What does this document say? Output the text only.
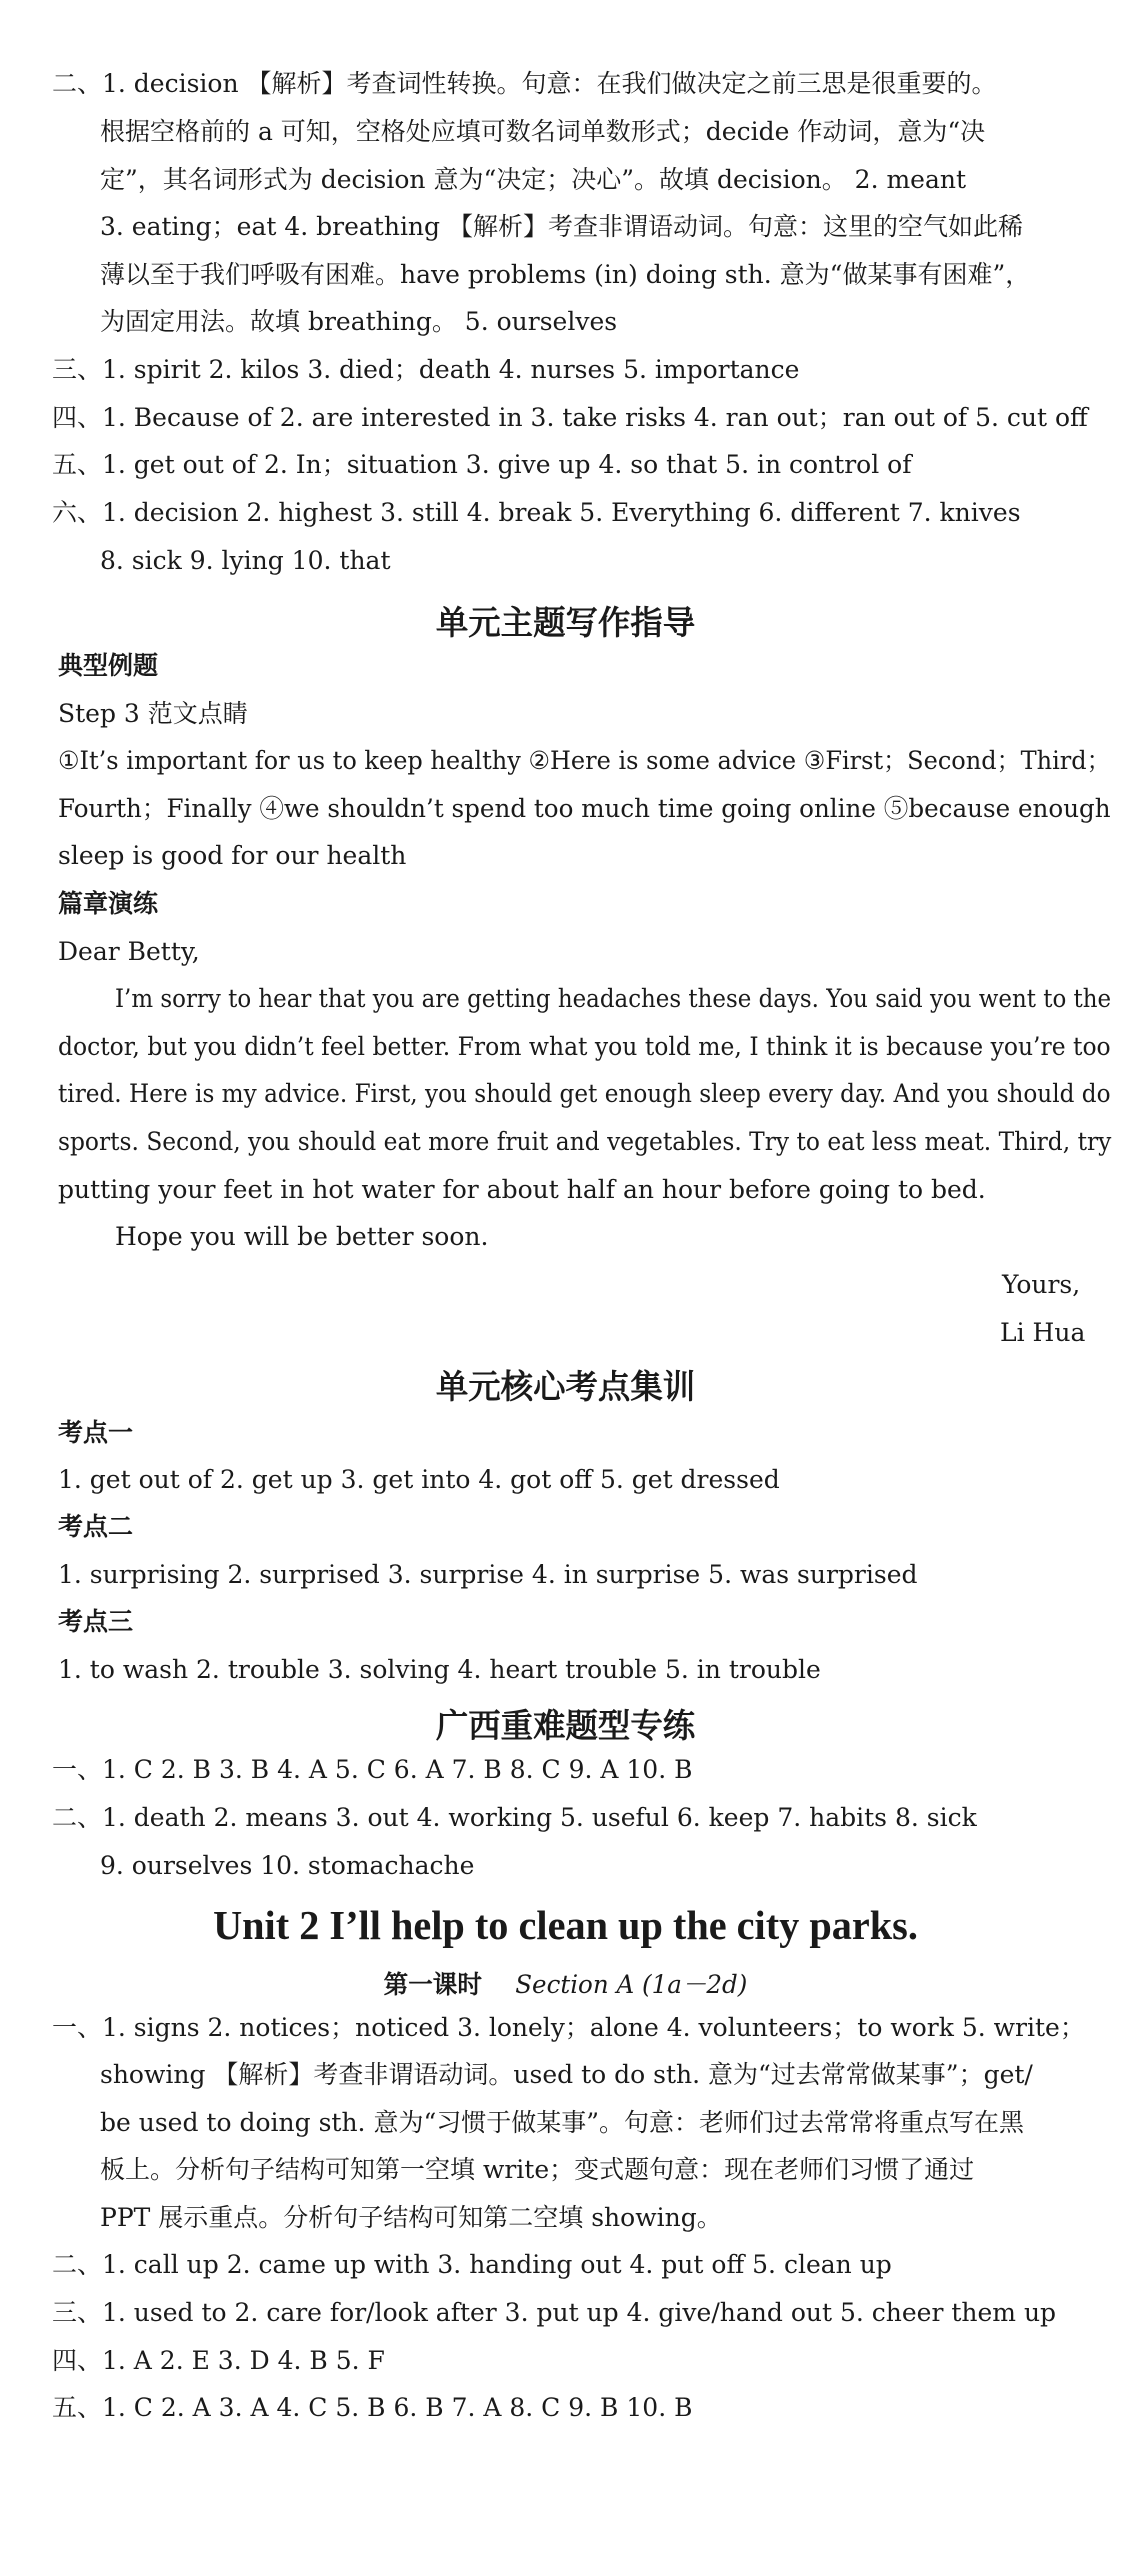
二、1. decision 【解析】考查词性转换。句意：在我们做决定之前三思是很重要的。
根据空格前的 a 可知，空格处应填可数名词单数形式；decide 作动词，意为“决
定”，其名词形式为 decision 意为“决定；决心”。故填 decision。 2. meant
3. eating；eat 4. breathing 【解析】考查非谓语动词。句意：这里的空气如此稀
薄以至于我们呼吸有困难。have problems (in) doing sth. 意为“做某事有困难”，
为固定用法。故填 breathing。 5. ourselves
三、1. spirit 2. kilos 3. died；death 4. nurses 5. importance
四、1. Because of 2. are interested in 3. take risks 4. ran out；ran out of 5. cut off
五、1. get out of 2. In；situation 3. give up 4. so that 5. in control of
六、1. decision 2. highest 3. still 4. break 5. Everything 6. different 7. knives
8. sick 9. lying 10. that
单元主题写作指导
典型例题
Step 3 范文点睛
①It’s important for us to keep healthy ②Here is some advice ③First；Second；Third；
Fourth；Finally ④we shouldn’t spend too much time going online ⑤because enough
sleep is good for our health
篇章演练
Dear Betty,
I’m sorry to hear that you are getting headaches these days. You said you went to the
doctor, but you didn’t feel better. From what you told me, I think it is because you’re too
tired. Here is my advice. First, you should get enough sleep every day. And you should do
sports. Second, you should eat more fruit and vegetables. Try to eat less meat. Third, try
putting your feet in hot water for about half an hour before going to bed.
Hope you will be better soon.
Yours,
Li Hua
单元核心考点集训
考点一
1. get out of 2. get up 3. get into 4. got off 5. get dressed
考点二
1. surprising 2. surprised 3. surprise 4. in surprise 5. was surprised
考点三
1. to wash 2. trouble 3. solving 4. heart trouble 5. in trouble
广西重难题型专练
一、1. C 2. B 3. B 4. A 5. C 6. A 7. B 8. C 9. A 10. B
二、1. death 2. means 3. out 4. working 5. useful 6. keep 7. habits 8. sick
9. ourselves 10. stomachache
Unit 2 I’ll help to clean up the city parks.
第一课时 Section A (1a－2d)
一、1. signs 2. notices；noticed 3. lonely；alone 4. volunteers；to work 5. write；
showing 【解析】考查非谓语动词。used to do sth. 意为“过去常常做某事”；get/
be used to doing sth. 意为“习惯于做某事”。句意：老师们过去常常将重点写在黑
板上。分析句子结构可知第一空填 write；变式题句意：现在老师们习惯了通过
PPT 展示重点。分析句子结构可知第二空填 showing。
二、1. call up 2. came up with 3. handing out 4. put off 5. clean up
三、1. used to 2. care for/look after 3. put up 4. give/hand out 5. cheer them up
四、1. A 2. E 3. D 4. B 5. F
五、1. C 2. A 3. A 4. C 5. B 6. B 7. A 8. C 9. B 10. B
